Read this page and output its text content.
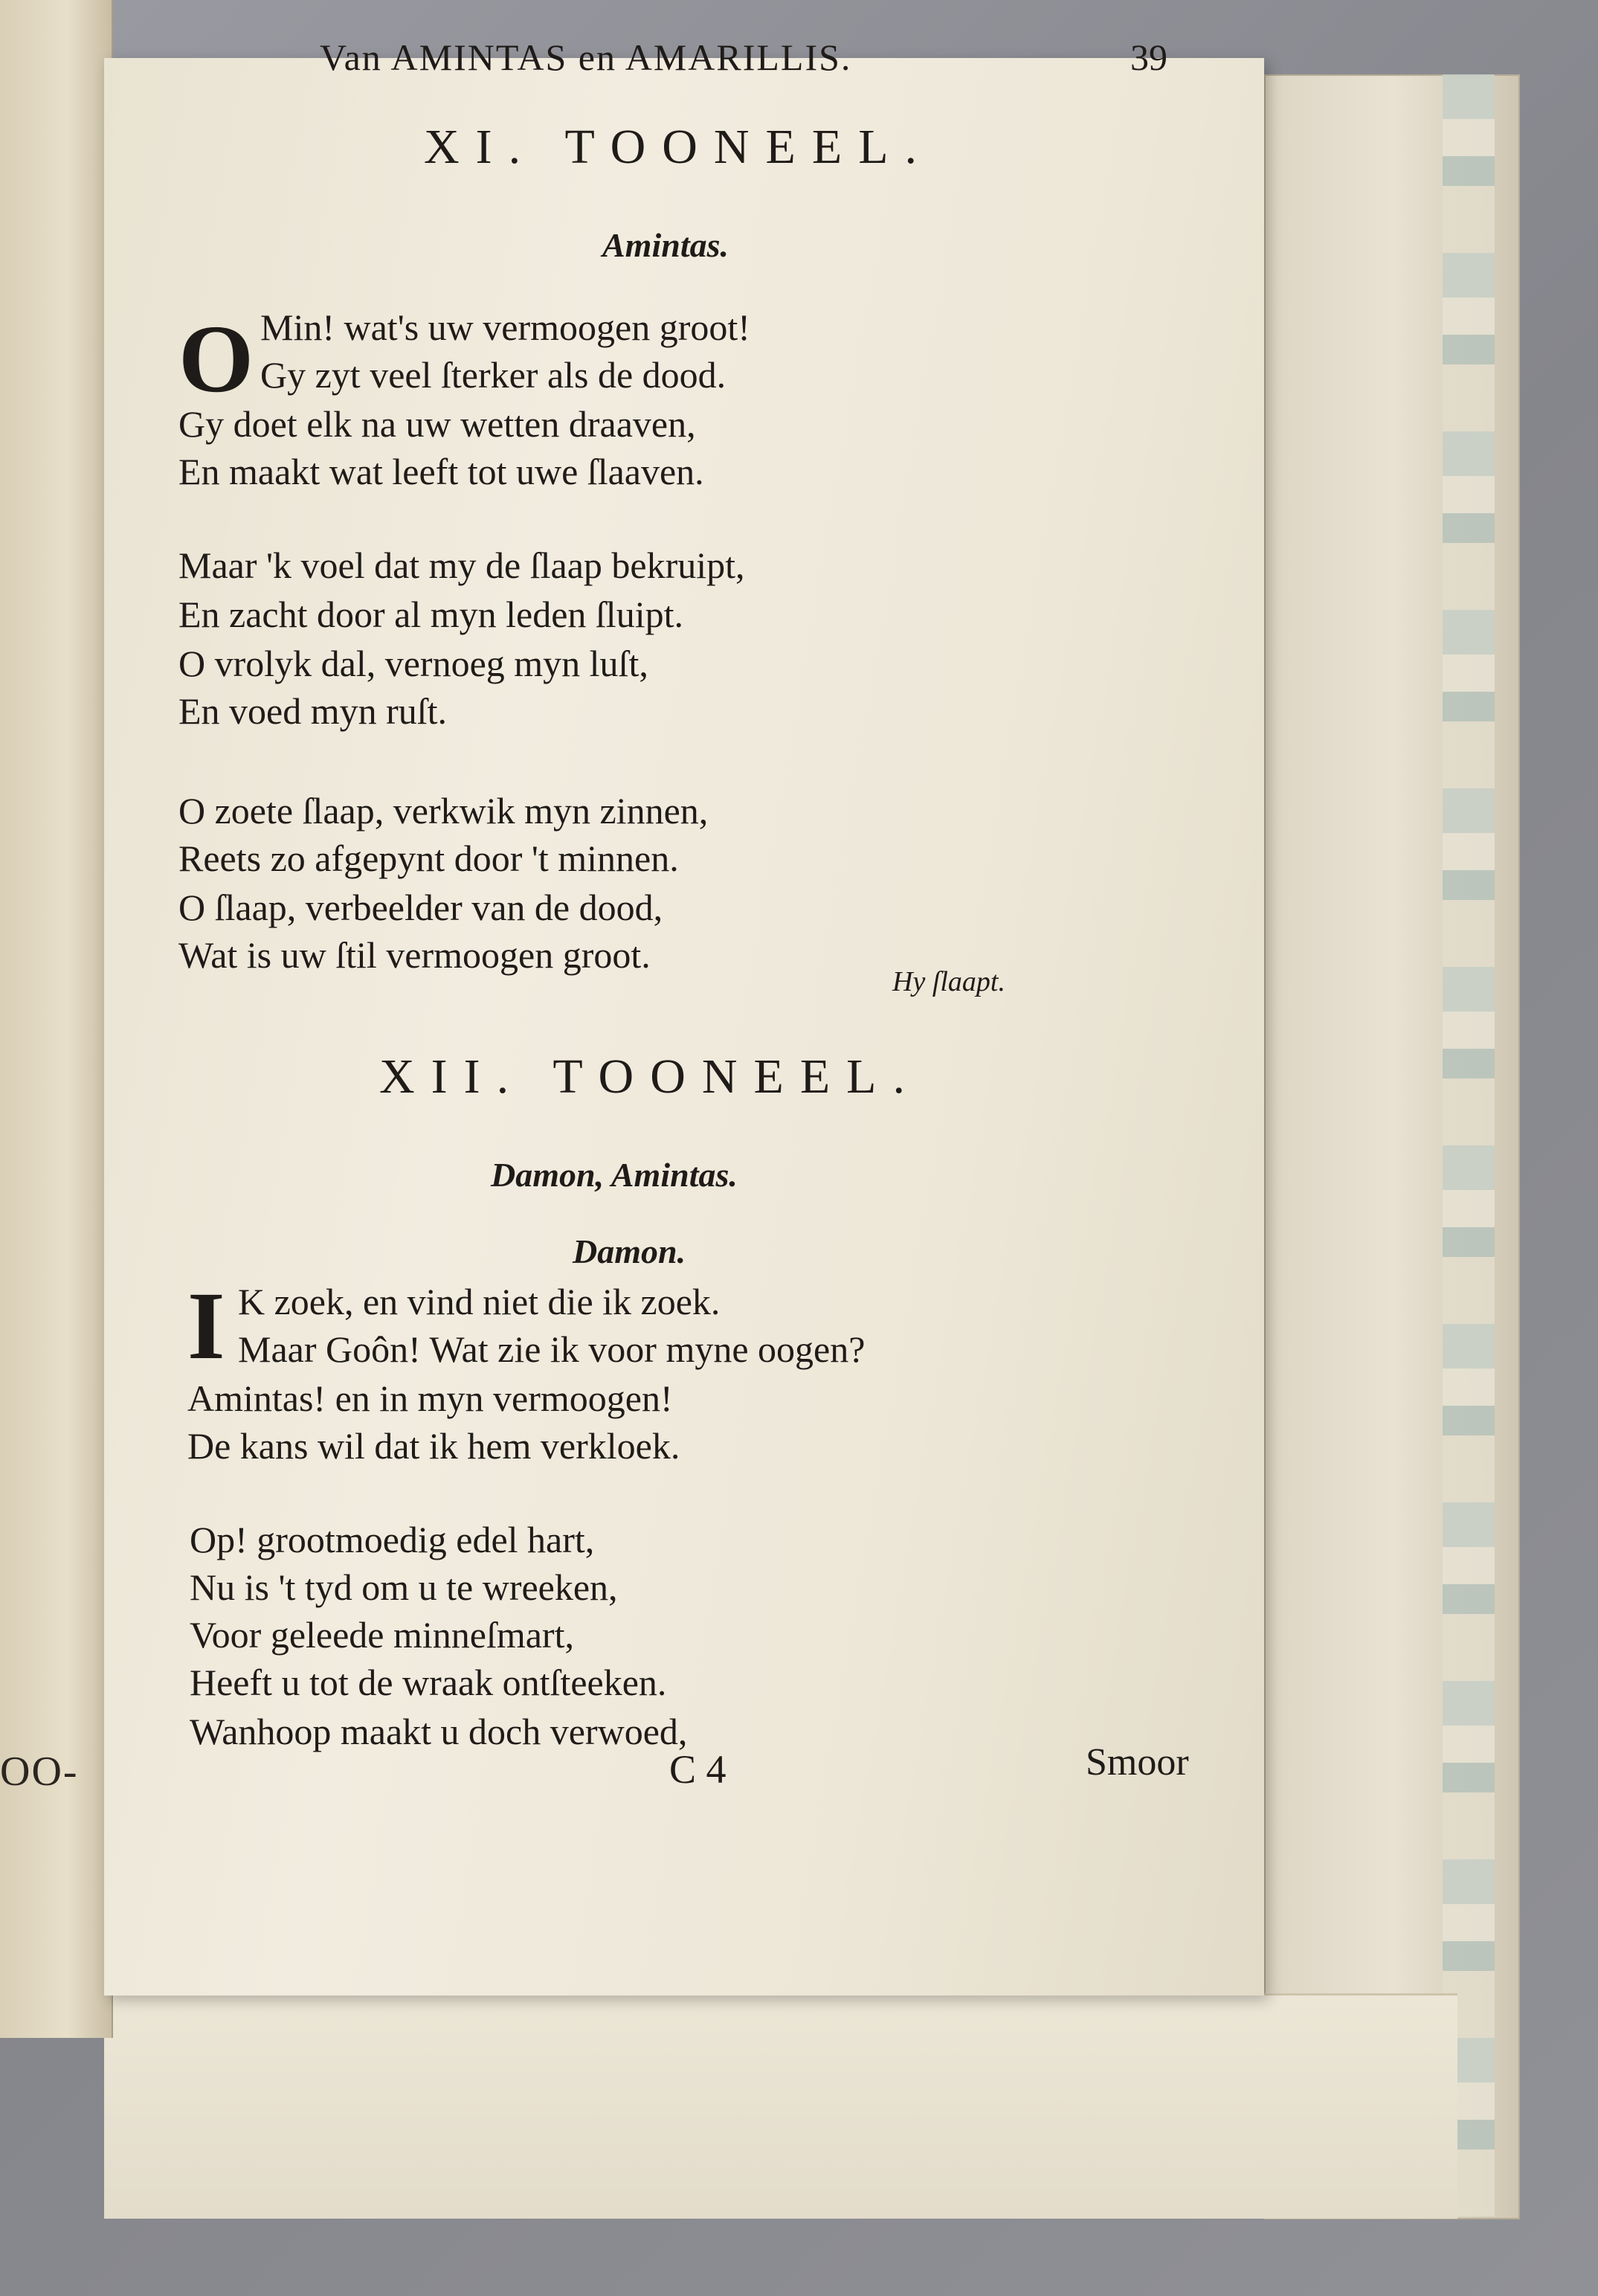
OO-
Van AMINTAS en AMARILLIS.	39
XI. TOONEEL.
Amintas.
O Min! wat's uw vermoogen groot!
Gy zyt veel ſterker als de dood.
Gy doet elk na uw wetten draaven,
En maakt wat leeft tot uwe ſlaaven.
Maar 'k voel dat my de ſlaap bekruipt,
En zacht door al myn leden ſluipt.
O vrolyk dal, vernoeg myn luſt,
En voed myn ruſt.
O zoete ſlaap, verkwik myn zinnen,
Reets zo afgepynt door 't minnen.
O ſlaap, verbeelder van de dood,
Wat is uw ſtil vermoogen groot.
Hy ſlaapt.
XII. TOONEEL.
Damon, Amintas.
Damon.
I K zoek, en vind niet die ik zoek.
Maar Goôn! Wat zie ik voor myne oogen?
Amintas! en in myn vermoogen!
De kans wil dat ik hem verkloek.
Op! grootmoedig edel hart,
Nu is 't tyd om u te wreeken,
Voor geleede minneſmart,
Heeft u tot de wraak ontſteeken.
Wanhoop maakt u doch verwoed,
C 4	Smoor
